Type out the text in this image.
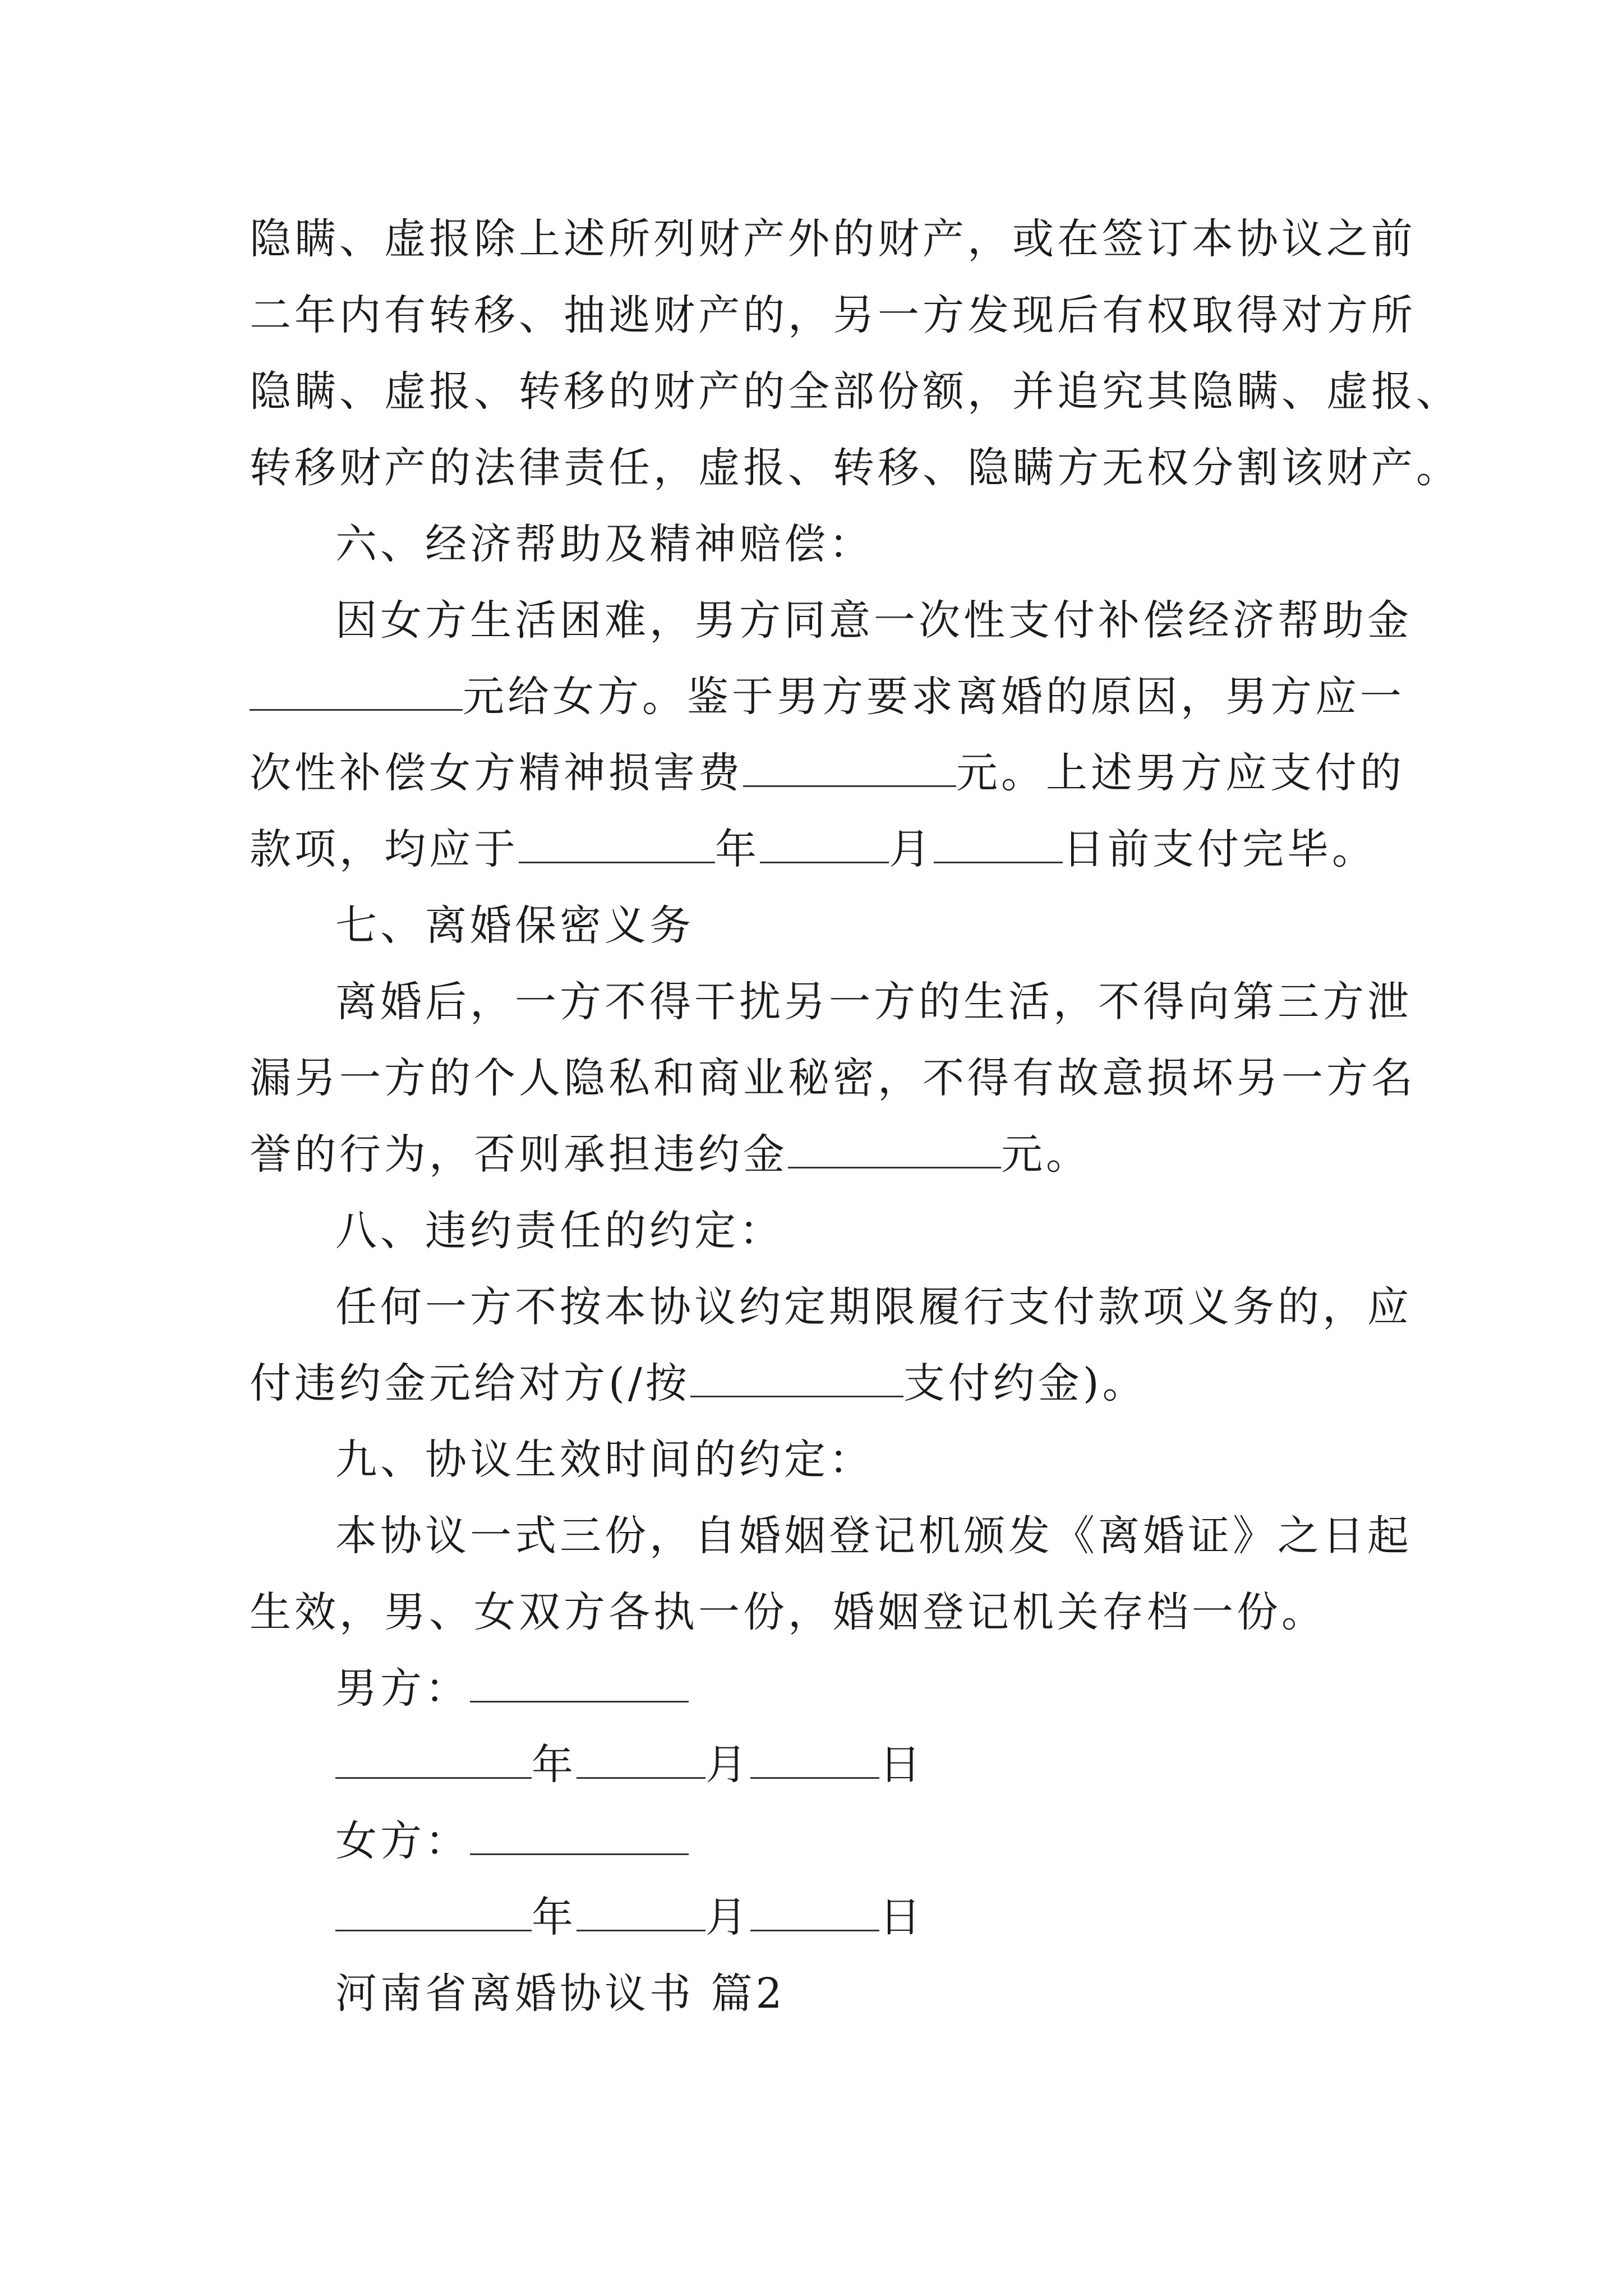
隐瞒、虚报除上述所列财产外的财产，或在签订本协议之前
二年内有转移、抽逃财产的，另一方发现后有权取得对方所
隐瞒、虚报、转移的财产的全部份额，并追究其隐瞒、虚报、
转移财产的法律责任，虚报、转移、隐瞒方无权分割该财产。
六、经济帮助及精神赔偿：
因女方生活困难，男方同意一次性支付补偿经济帮助金
元给女方。鉴于男方要求离婚的原因，男方应一
次性补偿女方精神损害费	元。上述男方应支付的
款项，均应于	年	月	日前支付完毕。
七、离婚保密义务
离婚后，一方不得干扰另一方的生活，不得向第三方泄
漏另一方的个人隐私和商业秘密，不得有故意损坏另一方名
誉的行为，否则承担违约金	元。
八、违约责任的约定：
任何一方不按本协议约定期限履行支付款项义务的，应
付违约金元给对方(/按	支付约金)。
九、协议生效时间的约定：
本协议一式三份，自婚姻登记机颁发《离婚证》之日起
生效，男、女双方各执一份，婚姻登记机关存档一份。
男方：
年	月	日
女方：
年	月	日
河南省离婚协议书 篇2
